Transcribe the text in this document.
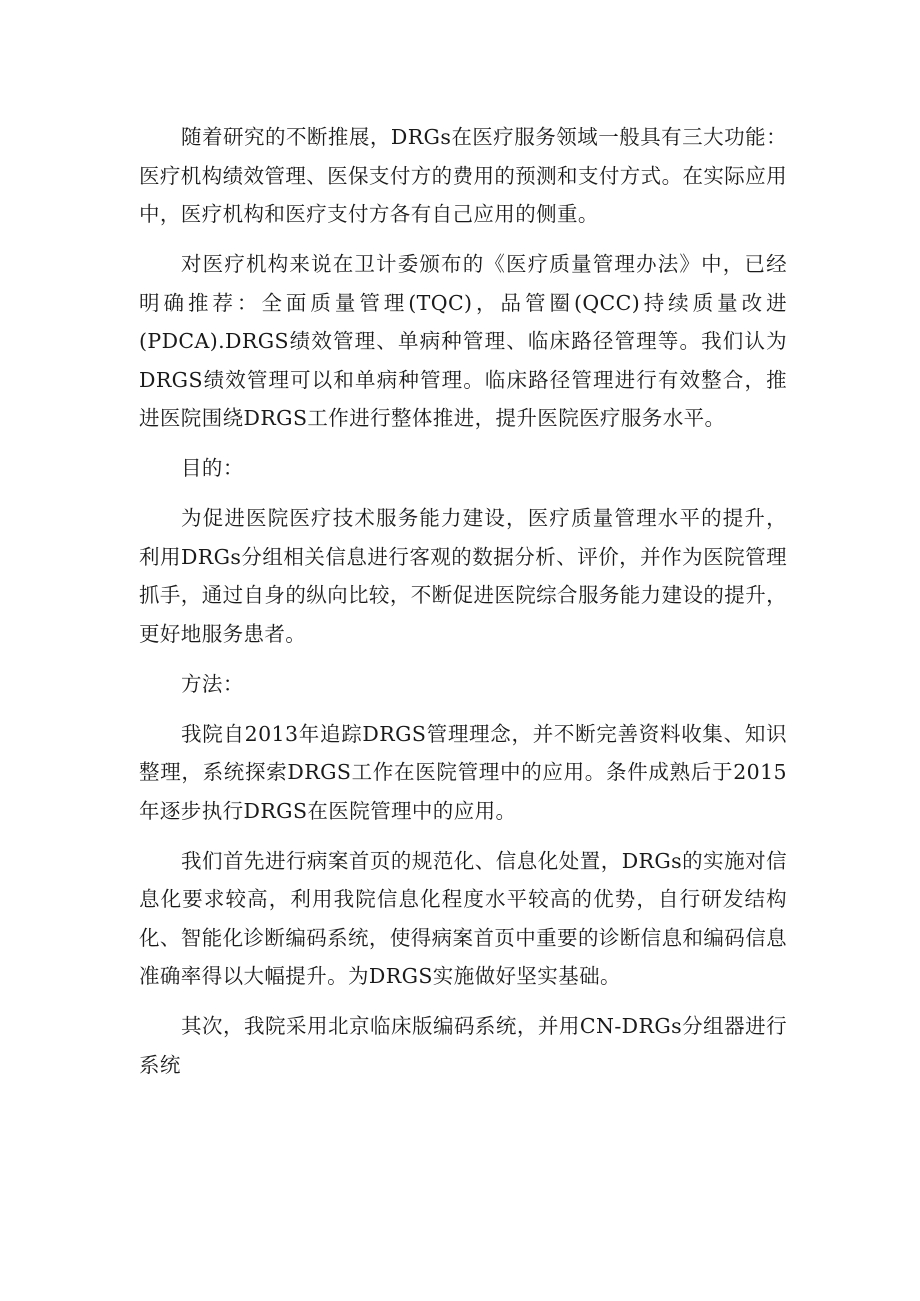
随着研究的不断推展，DRGs在医疗服务领域一般具有三大功能：医疗机构绩效管理、医保支付方的费用的预测和支付方式。在实际应用中，医疗机构和医疗支付方各有自己应用的侧重。

对医疗机构来说在卫计委颁布的《医疗质量管理办法》中，已经明确推荐：全面质量管理(TQC)，品管圈(QCC)持续质量改进(PDCA).DRGS绩效管理、单病种管理、临床路径管理等。我们认为DRGS绩效管理可以和单病种管理。临床路径管理进行有效整合，推进医院围绕DRGS工作进行整体推进，提升医院医疗服务水平。

目的：

为促进医院医疗技术服务能力建设，医疗质量管理水平的提升，利用DRGs分组相关信息进行客观的数据分析、评价，并作为医院管理抓手，通过自身的纵向比较，不断促进医院综合服务能力建设的提升，更好地服务患者。

方法：

我院自2013年追踪DRGS管理理念，并不断完善资料收集、知识整理，系统探索DRGS工作在医院管理中的应用。条件成熟后于2015年逐步执行DRGS在医院管理中的应用。

我们首先进行病案首页的规范化、信息化处置，DRGs的实施对信息化要求较高，利用我院信息化程度水平较高的优势，自行研发结构化、智能化诊断编码系统，使得病案首页中重要的诊断信息和编码信息准确率得以大幅提升。为DRGS实施做好坚实基础。

其次，我院采用北京临床版编码系统，并用CN-DRGs分组器进行系统
